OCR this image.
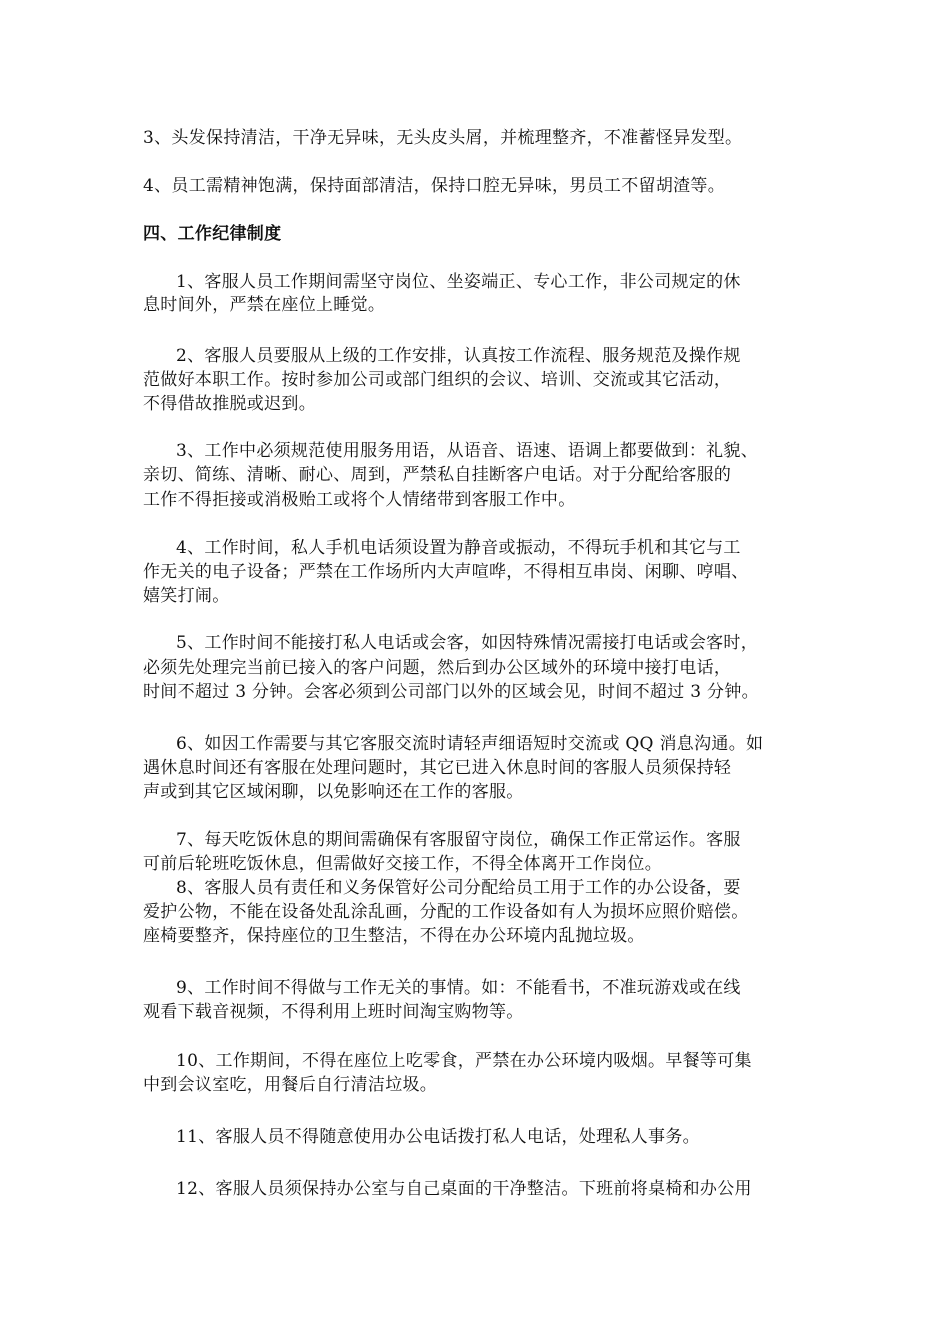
3、头发保持清洁，干净无异味，无头皮头屑，并梳理整齐，不准蓄怪异发型。
4、员工需精神饱满，保持面部清洁，保持口腔无异味，男员工不留胡渣等。
四、工作纪律制度
1、客服人员工作期间需坚守岗位、坐姿端正、专心工作，非公司规定的休
息时间外，严禁在座位上睡觉。
2、客服人员要服从上级的工作安排，认真按工作流程、服务规范及操作规
范做好本职工作。按时参加公司或部门组织的会议、培训、交流或其它活动，
不得借故推脱或迟到。
3、工作中必须规范使用服务用语，从语音、语速、语调上都要做到：礼貌、
亲切、简练、清晰、耐心、周到，严禁私自挂断客户电话。对于分配给客服的
工作不得拒接或消极贻工或将个人情绪带到客服工作中。
4、工作时间，私人手机电话须设置为静音或振动，不得玩手机和其它与工
作无关的电子设备；严禁在工作场所内大声喧哗，不得相互串岗、闲聊、哼唱、
嬉笑打闹。
5、工作时间不能接打私人电话或会客，如因特殊情况需接打电话或会客时，
必须先处理完当前已接入的客户问题，然后到办公区域外的环境中接打电话，
时间不超过 3 分钟。会客必须到公司部门以外的区域会见，时间不超过 3 分钟。
6、如因工作需要与其它客服交流时请轻声细语短时交流或 QQ 消息沟通。如
遇休息时间还有客服在处理问题时，其它已进入休息时间的客服人员须保持轻
声或到其它区域闲聊，以免影响还在工作的客服。
7、每天吃饭休息的期间需确保有客服留守岗位，确保工作正常运作。客服
可前后轮班吃饭休息，但需做好交接工作，不得全体离开工作岗位。
8、客服人员有责任和义务保管好公司分配给员工用于工作的办公设备，要
爱护公物，不能在设备处乱涂乱画，分配的工作设备如有人为损坏应照价赔偿。
座椅要整齐，保持座位的卫生整洁，不得在办公环境内乱抛垃圾。
9、工作时间不得做与工作无关的事情。如：不能看书，不准玩游戏或在线
观看下载音视频，不得利用上班时间淘宝购物等。
10、工作期间，不得在座位上吃零食，严禁在办公环境内吸烟。早餐等可集
中到会议室吃，用餐后自行清洁垃圾。
11、客服人员不得随意使用办公电话拨打私人电话，处理私人事务。
12、客服人员须保持办公室与自己桌面的干净整洁。下班前将桌椅和办公用
